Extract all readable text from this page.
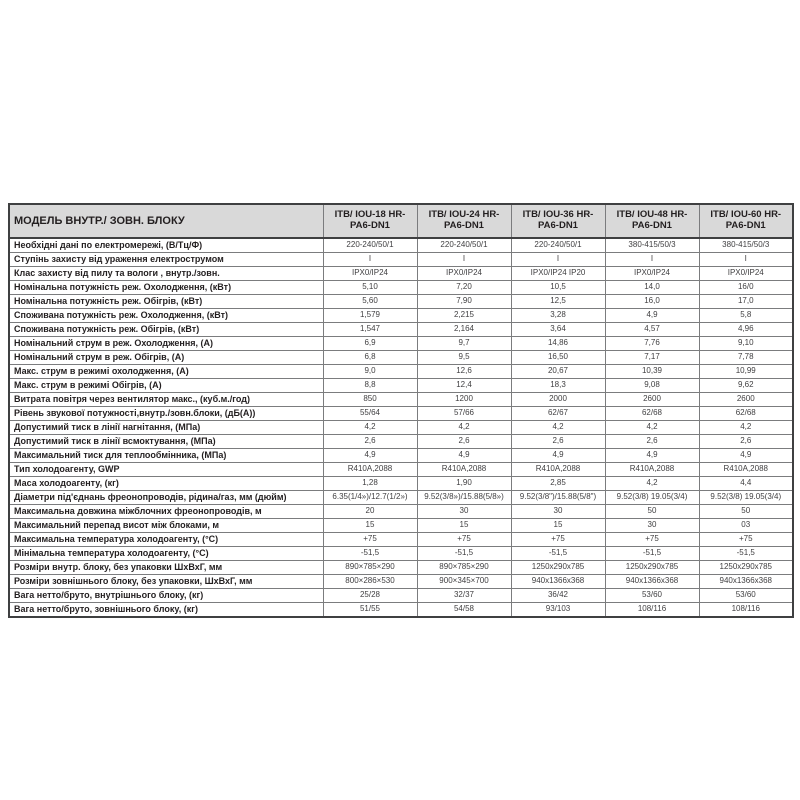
МОДЕЛЬ ВНУТР./ ЗОВН. БЛОКУ	ITB/ IOU-18 HR-PA6-DN1	ITB/ IOU-24 HR-PA6-DN1	ITB/ IOU-36 HR-PA6-DN1	ITB/ IOU-48 HR-PA6-DN1	ITB/ IOU-60 HR-PA6-DN1
Необхідні дані по електромережі, (В/Тц/Ф)	220-240/50/1	220-240/50/1	220-240/50/1	380-415/50/3	380-415/50/3
Ступінь захисту від ураження електрострумом	I	I	I	I	I
Клас захисту від пилу та вологи , внутр./зовн.	IPX0/IP24	IPX0/IP24	IPX0/IP24 IP20	IPX0/IP24	IPX0/IP24
Номінальна потужність реж. Охолодження, (кВт)	5,10	7,20	10,5	14,0	16/0
Номінальна потужність реж. Обігрів, (кВт)	5,60	7,90	12,5	16,0	17,0
Споживана потужність реж. Охолодження, (кВт)	1,579	2,215	3,28	4,9	5,8
Споживана потужність реж. Обігрів, (кВт)	1,547	2,164	3,64	4,57	4,96
Номінальний струм в реж. Охолодження, (А)	6,9	9,7	14,86	7,76	9,10
Номінальний струм в реж. Обігрів, (А)	6,8	9,5	16,50	7,17	7,78
Макс. струм в режимі охолодження, (А)	9,0	12,6	20,67	10,39	10,99
Макс. струм в режимі Обігрів, (А)	8,8	12,4	18,3	9,08	9,62
Витрата повітря через вентилятор макс., (куб.м./год)	850	1200	2000	2600	2600
Рівень звукової потужності,внутр./зовн.блоки, (дБ(А))	55/64	57/66	62/67	62/68	62/68
Допустимий тиск в лінії нагнітання, (МПа)	4,2	4,2	4,2	4,2	4,2
Допустимий тиск в лінії всмоктування, (МПа)	2,6	2,6	2,6	2,6	2,6
Максимальний тиск для теплообмінника, (МПа)	4,9	4,9	4,9	4,9	4,9
Тип холодоагенту, GWP	R410A,2088	R410A,2088	R410A,2088	R410A,2088	R410A,2088
Маса холодоагенту, (кг)	1,28	1,90	2,85	4,2	4,4
Діаметри під'єднань фреонопроводів, рідина/газ, мм (дюйм)	6.35(1/4»)/12.7(1/2»)	9.52(3/8»)/15.88(5/8»)	9.52(3/8")/15.88(5/8")	9.52(3/8) 19.05(3/4)	9.52(3/8) 19.05(3/4)
Максимальна довжина міжблочних фреонопроводів, м	20	30	30	50	50
Максимальний перепад висот між блоками, м	15	15	15	30	03
Максимальна температура холодоагенту, (°С)	+75	+75	+75	+75	+75
Мінімальна температура холодоагенту, (°С)	-51,5	-51,5	-51,5	-51,5	-51,5
Розміри внутр. блоку, без упаковки ШхВхГ, мм	890×785×290	890×785×290	1250x290x785	1250x290x785	1250x290x785
Розміри зовнішнього блоку, без упаковки, ШхВхГ, мм	800×286×530	900×345×700	940x1366x368	940x1366x368	940x1366x368
Вага нетто/бруто, внутрішнього блоку, (кг)	25/28	32/37	36/42	53/60	53/60
Вага нетто/бруто, зовнішнього блоку, (кг)	51/55	54/58	93/103	108/116	108/116
